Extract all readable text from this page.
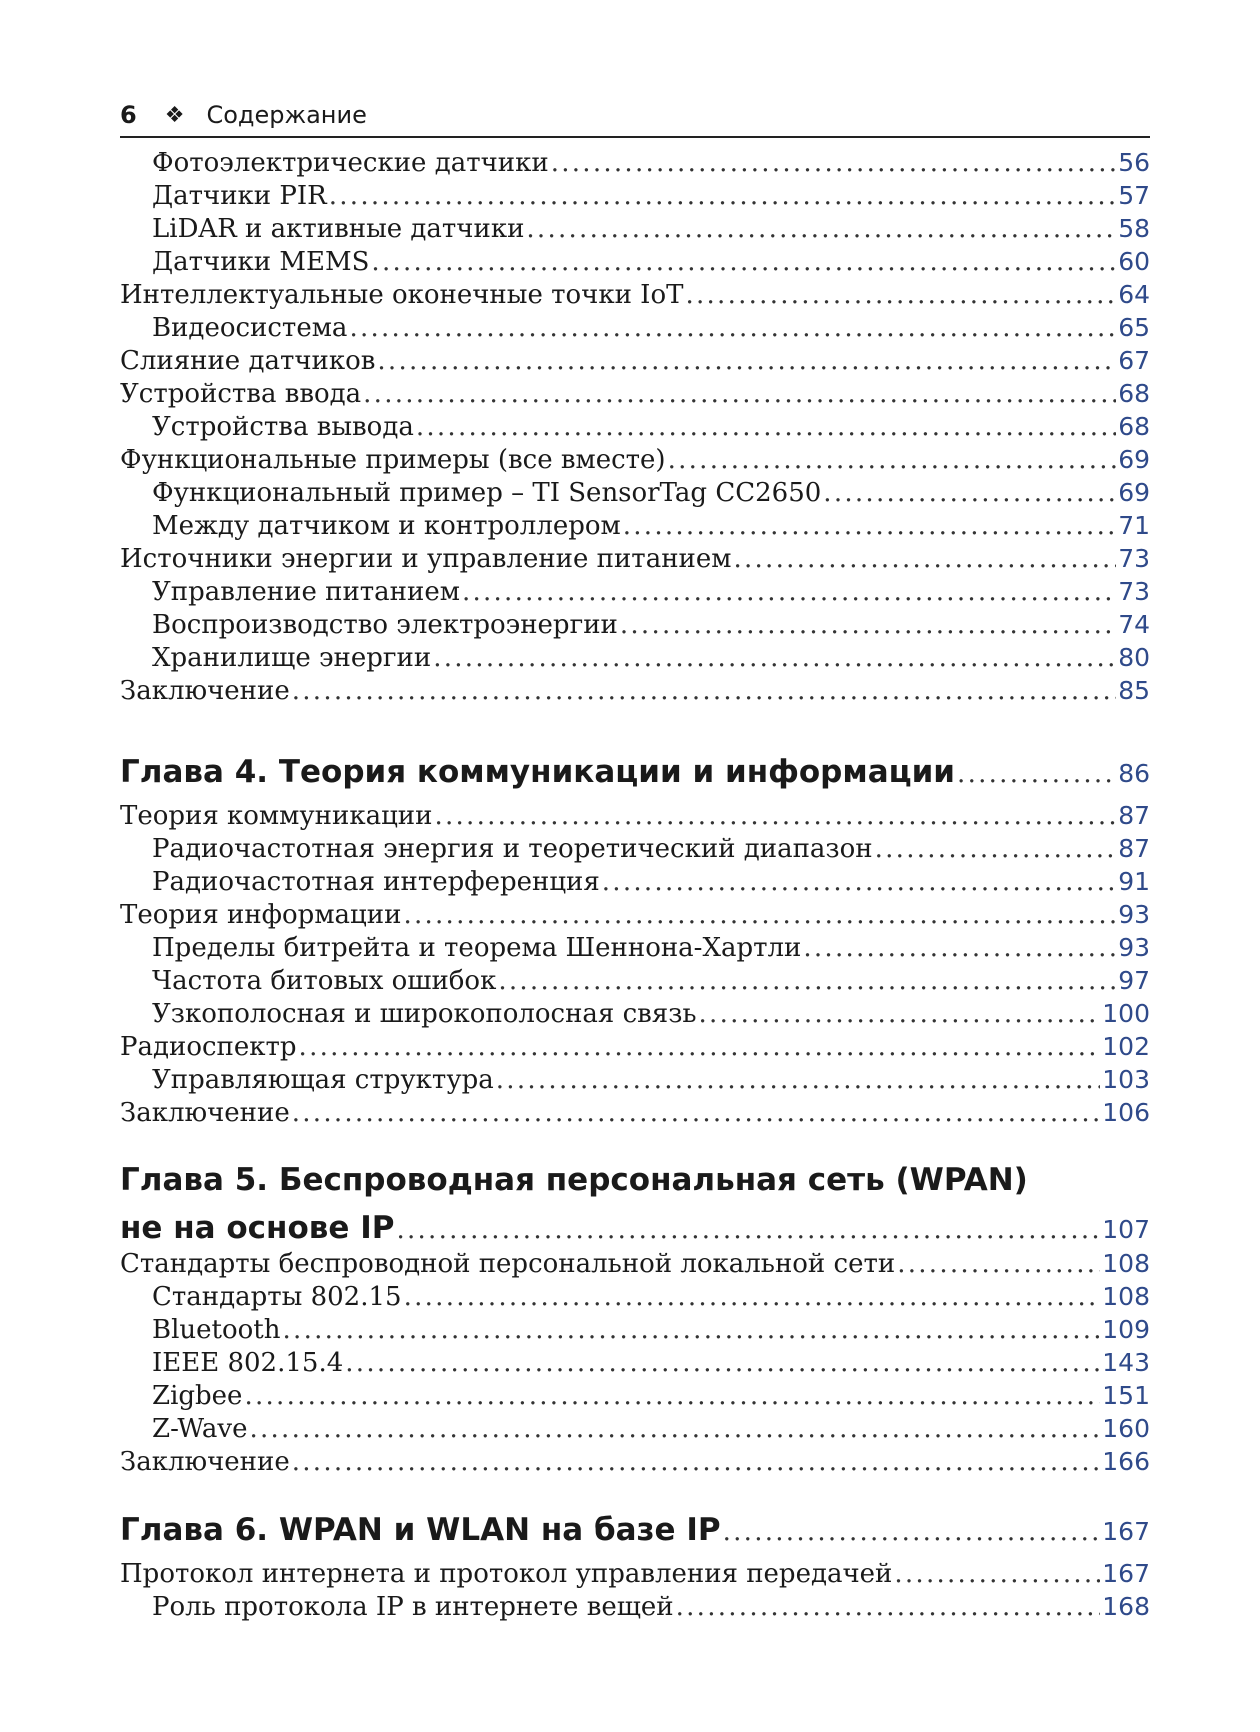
6 ❖ Содержание
Фотоэлектрические датчики . . .	56
Датчики PIR . . .	57
LiDAR и активные датчики . . .	58
Датчики MEMS . . .	60
Интеллектуальные оконечные точки IoT . . .	64
Видеосистема . . .	65
Слияние датчиков . . .	67
Устройства ввода . . .	68
Устройства вывода . . .	68
Функциональные примеры (все вместе) . . .	69
Функциональный пример – TI SensorTag CC2650 . . .	69
Между датчиком и контроллером . . .	71
Источники энергии и управление питанием . . .	73
Управление питанием . . .	73
Воспроизводство электроэнергии . . .	74
Хранилище энергии . . .	80
Заключение . . .	85
Глава 4. Теория коммуникации и информации . . .	86
Теория коммуникации . . .	87
Радиочастотная энергия и теоретический диапазон . . .	87
Радиочастотная интерференция . . .	91
Теория информации . . .	93
Пределы битрейта и теорема Шеннона-Хартли . . .	93
Частота битовых ошибок . . .	97
Узкополосная и широкополосная связь . . .	100
Радиоспектр . . .	102
Управляющая структура . . .	103
Заключение . . .	106
Глава 5. Беспроводная персональная сеть (WPAN)
не на основе IP . . .	107
Стандарты беспроводной персональной локальной сети . . .	108
Стандарты 802.15 . . .	108
Bluetooth . . .	109
IEEE 802.15.4 . . .	143
Zigbee . . .	151
Z-Wave . . .	160
Заключение . . .	166
Глава 6. WPAN и WLAN на базе IP . . .	167
Протокол интернета и протокол управления передачей . . .	167
Роль протокола IP в интернете вещей . . .	168
